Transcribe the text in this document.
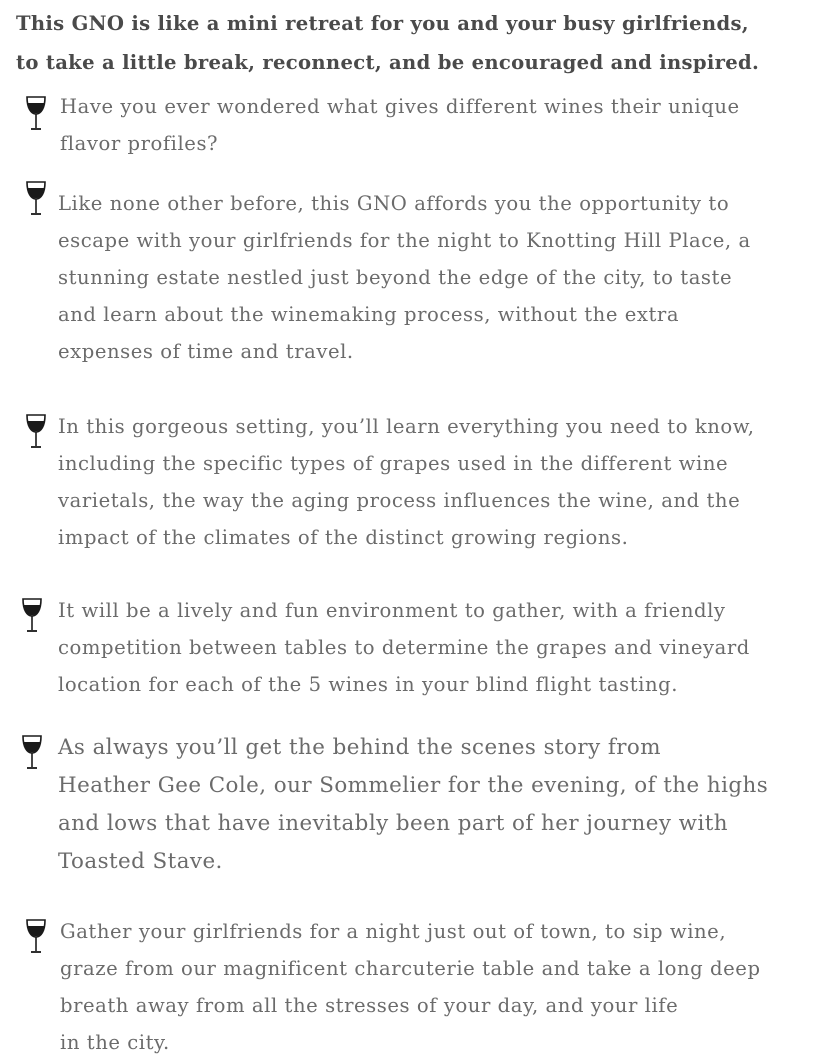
This GNO is like a mini retreat for you and your busy girlfriends,
to take a little break, reconnect, and be encouraged and inspired.
Have you ever wondered what gives different wines their unique
flavor profiles?
Like none other before, this GNO affords you the opportunity to
escape with your girlfriends for the night to Knotting Hill Place, a
stunning estate nestled just beyond the edge of the city, to taste
and learn about the winemaking process, without the extra
expenses of time and travel.
In this gorgeous setting, you’ll learn everything you need to know,
including the specific types of grapes used in the different wine
varietals, the way the aging process influences the wine, and the
impact of the climates of the distinct growing regions.
It will be a lively and fun environment to gather, with a friendly
competition between tables to determine the grapes and vineyard
location for each of the 5 wines in your blind flight tasting.
As always you’ll get the behind the scenes story from
Heather Gee Cole, our Sommelier for the evening, of the highs
and lows that have inevitably been part of her journey with
Toasted Stave.
Gather your girlfriends for a night just out of town, to sip wine,
graze from our magnificent charcuterie table and take a long deep
breath away from all the stresses of your day, and your life
in the city.
